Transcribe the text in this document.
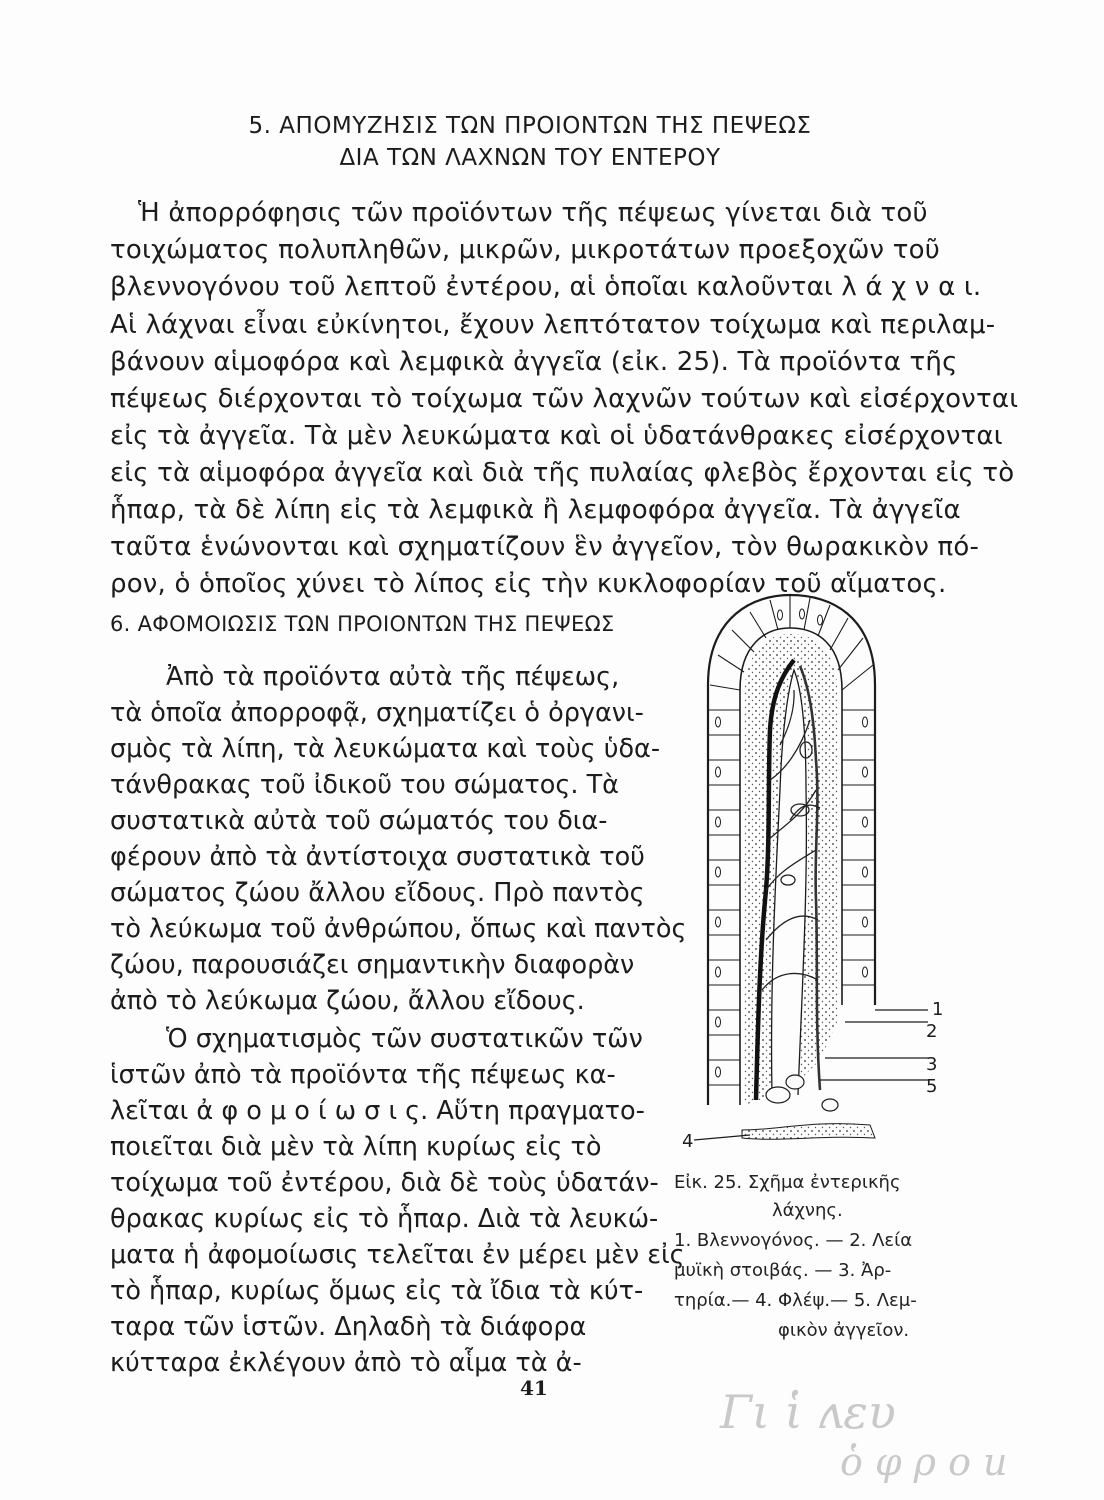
5. ΑΠΟΜΥΖΗΣΙΣ ΤΩΝ ΠΡΟΙΟΝΤΩΝ ΤΗΣ ΠΕΨΕΩΣ
ΔΙΑ ΤΩΝ ΛΑΧΝΩΝ ΤΟΥ ΕΝΤΕΡΟΥ
Ἡ ἀπορρόφησις τῶν προϊόντων τῆς πέψεως γίνεται διὰ τοῦ
τοιχώματος πολυπληθῶν, μικρῶν, μικροτάτων προεξοχῶν τοῦ
βλεννογόνου τοῦ λεπτοῦ ἐντέρου, αἱ ὁποῖαι καλοῦνται λ ά χ ν α ι.
Αἱ λάχναι εἶναι εὐκίνητοι, ἔχουν λεπτότατον τοίχωμα καὶ περιλαμ-
βάνουν αἱμοφόρα καὶ λεμφικὰ ἀγγεῖα (εἰκ. 25). Τὰ προϊόντα τῆς
πέψεως διέρχονται τὸ τοίχωμα τῶν λαχνῶν τούτων καὶ εἰσέρχονται
εἰς τὰ ἀγγεῖα. Τὰ μὲν λευκώματα καὶ οἱ ὑδατάνθρακες εἰσέρχονται
εἰς τὰ αἱμοφόρα ἀγγεῖα καὶ διὰ τῆς πυλαίας φλεβὸς ἔρχονται εἰς τὸ
ἧπαρ, τὰ δὲ λίπη εἰς τὰ λεμφικὰ ἢ λεμφοφόρα ἀγγεῖα. Τὰ ἀγγεῖα
ταῦτα ἑνώνονται καὶ σχηματίζουν ἓν ἀγγεῖον, τὸν θωρακικὸν πό-
ρον, ὁ ὁποῖος χύνει τὸ λίπος εἰς τὴν κυκλοφορίαν τοῦ αἵματος.
6. ΑΦΟΜΟΙΩΣΙΣ ΤΩΝ ΠΡΟΙΟΝΤΩΝ ΤΗΣ ΠΕΨΕΩΣ
Ἀπὸ τὰ προϊόντα αὐτὰ τῆς πέψεως,
τὰ ὁποῖα ἀπορροφᾷ, σχηματίζει ὁ ὀργανι-
σμὸς τὰ λίπη, τὰ λευκώματα καὶ τοὺς ὑδα-
τάνθρακας τοῦ ἰδικοῦ του σώματος. Τὰ
συστατικὰ αὐτὰ τοῦ σώματός του δια-
φέρουν ἀπὸ τὰ ἀντίστοιχα συστατικὰ τοῦ
σώματος ζώου ἄλλου εἴδους. Πρὸ παντὸς
τὸ λεύκωμα τοῦ ἀνθρώπου, ὅπως καὶ παντὸς
ζώου, παρουσιάζει σημαντικὴν διαφορὰν
ἀπὸ τὸ λεύκωμα ζώου, ἄλλου εἴδους.
Ὁ σχηματισμὸς τῶν συστατικῶν τῶν
ἱστῶν ἀπὸ τὰ προϊόντα τῆς πέψεως κα-
λεῖται ἀ φ ο μ ο ί ω σ ι ς. Αὕτη πραγματο-
ποιεῖται διὰ μὲν τὰ λίπη κυρίως εἰς τὸ
τοίχωμα τοῦ ἐντέρου, διὰ δὲ τοὺς ὑδατάν-
θρακας κυρίως εἰς τὸ ἧπαρ. Διὰ τὰ λευκώ-
ματα ἡ ἀφομοίωσις τελεῖται ἐν μέρει μὲν εἰς
τὸ ἧπαρ, κυρίως ὅμως εἰς τὰ ἴδια τὰ κύτ-
ταρα τῶν ἱστῶν. Δηλαδὴ τὰ διάφορα
κύτταρα ἐκλέγουν ἀπὸ τὸ αἷμα τὰ ἀ-
1
2
3
5
4
Εἰκ. 25. Σχῆμα ἐντερικῆς
λάχνης.
1. Βλεννογόνος. — 2. Λεία
μυϊκὴ στοιβάς. — 3. Ἀρ-
τηρία.— 4. Φλέψ.— 5. Λεμ-
φικὸν ἀγγεῖον.
41	Γι ἱ ʌευ
ὁ φ ρ ο u
